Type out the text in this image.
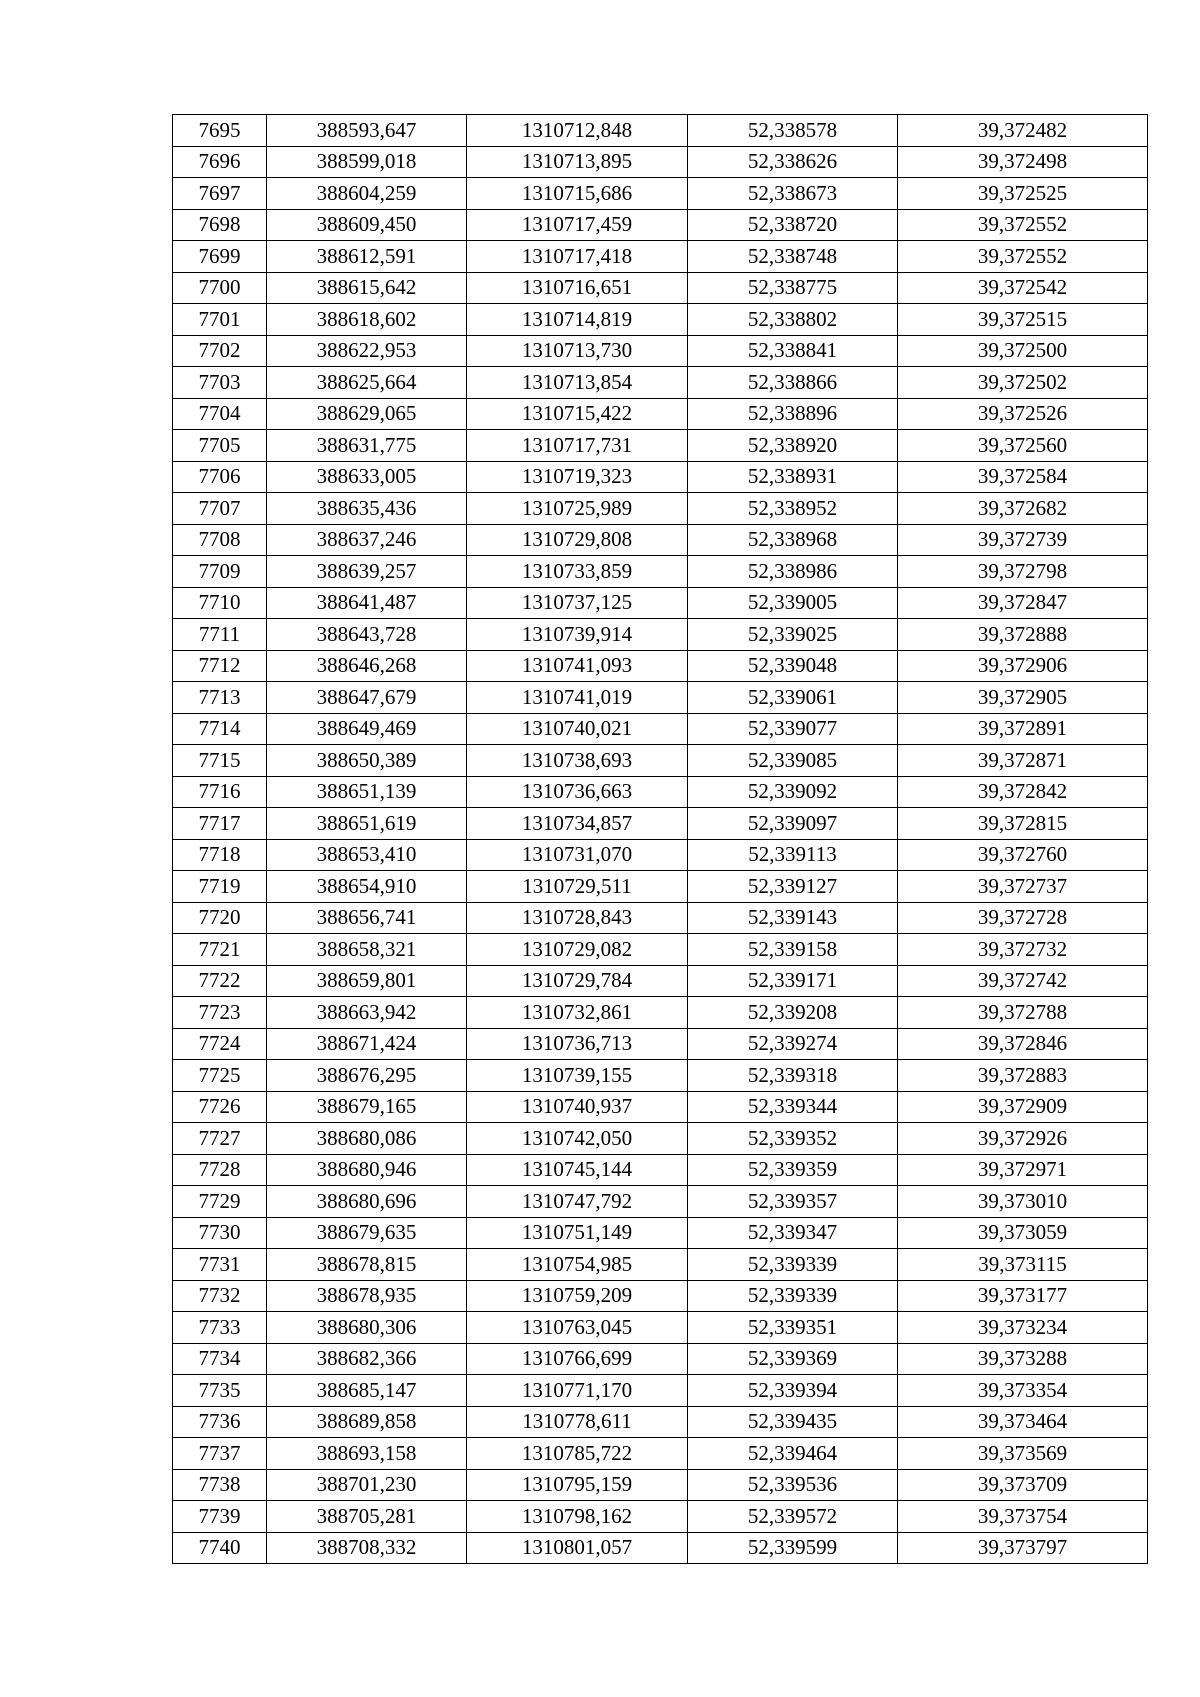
7695	388593,647	1310712,848	52,338578	39,372482
7696	388599,018	1310713,895	52,338626	39,372498
7697	388604,259	1310715,686	52,338673	39,372525
7698	388609,450	1310717,459	52,338720	39,372552
7699	388612,591	1310717,418	52,338748	39,372552
7700	388615,642	1310716,651	52,338775	39,372542
7701	388618,602	1310714,819	52,338802	39,372515
7702	388622,953	1310713,730	52,338841	39,372500
7703	388625,664	1310713,854	52,338866	39,372502
7704	388629,065	1310715,422	52,338896	39,372526
7705	388631,775	1310717,731	52,338920	39,372560
7706	388633,005	1310719,323	52,338931	39,372584
7707	388635,436	1310725,989	52,338952	39,372682
7708	388637,246	1310729,808	52,338968	39,372739
7709	388639,257	1310733,859	52,338986	39,372798
7710	388641,487	1310737,125	52,339005	39,372847
7711	388643,728	1310739,914	52,339025	39,372888
7712	388646,268	1310741,093	52,339048	39,372906
7713	388647,679	1310741,019	52,339061	39,372905
7714	388649,469	1310740,021	52,339077	39,372891
7715	388650,389	1310738,693	52,339085	39,372871
7716	388651,139	1310736,663	52,339092	39,372842
7717	388651,619	1310734,857	52,339097	39,372815
7718	388653,410	1310731,070	52,339113	39,372760
7719	388654,910	1310729,511	52,339127	39,372737
7720	388656,741	1310728,843	52,339143	39,372728
7721	388658,321	1310729,082	52,339158	39,372732
7722	388659,801	1310729,784	52,339171	39,372742
7723	388663,942	1310732,861	52,339208	39,372788
7724	388671,424	1310736,713	52,339274	39,372846
7725	388676,295	1310739,155	52,339318	39,372883
7726	388679,165	1310740,937	52,339344	39,372909
7727	388680,086	1310742,050	52,339352	39,372926
7728	388680,946	1310745,144	52,339359	39,372971
7729	388680,696	1310747,792	52,339357	39,373010
7730	388679,635	1310751,149	52,339347	39,373059
7731	388678,815	1310754,985	52,339339	39,373115
7732	388678,935	1310759,209	52,339339	39,373177
7733	388680,306	1310763,045	52,339351	39,373234
7734	388682,366	1310766,699	52,339369	39,373288
7735	388685,147	1310771,170	52,339394	39,373354
7736	388689,858	1310778,611	52,339435	39,373464
7737	388693,158	1310785,722	52,339464	39,373569
7738	388701,230	1310795,159	52,339536	39,373709
7739	388705,281	1310798,162	52,339572	39,373754
7740	388708,332	1310801,057	52,339599	39,373797
